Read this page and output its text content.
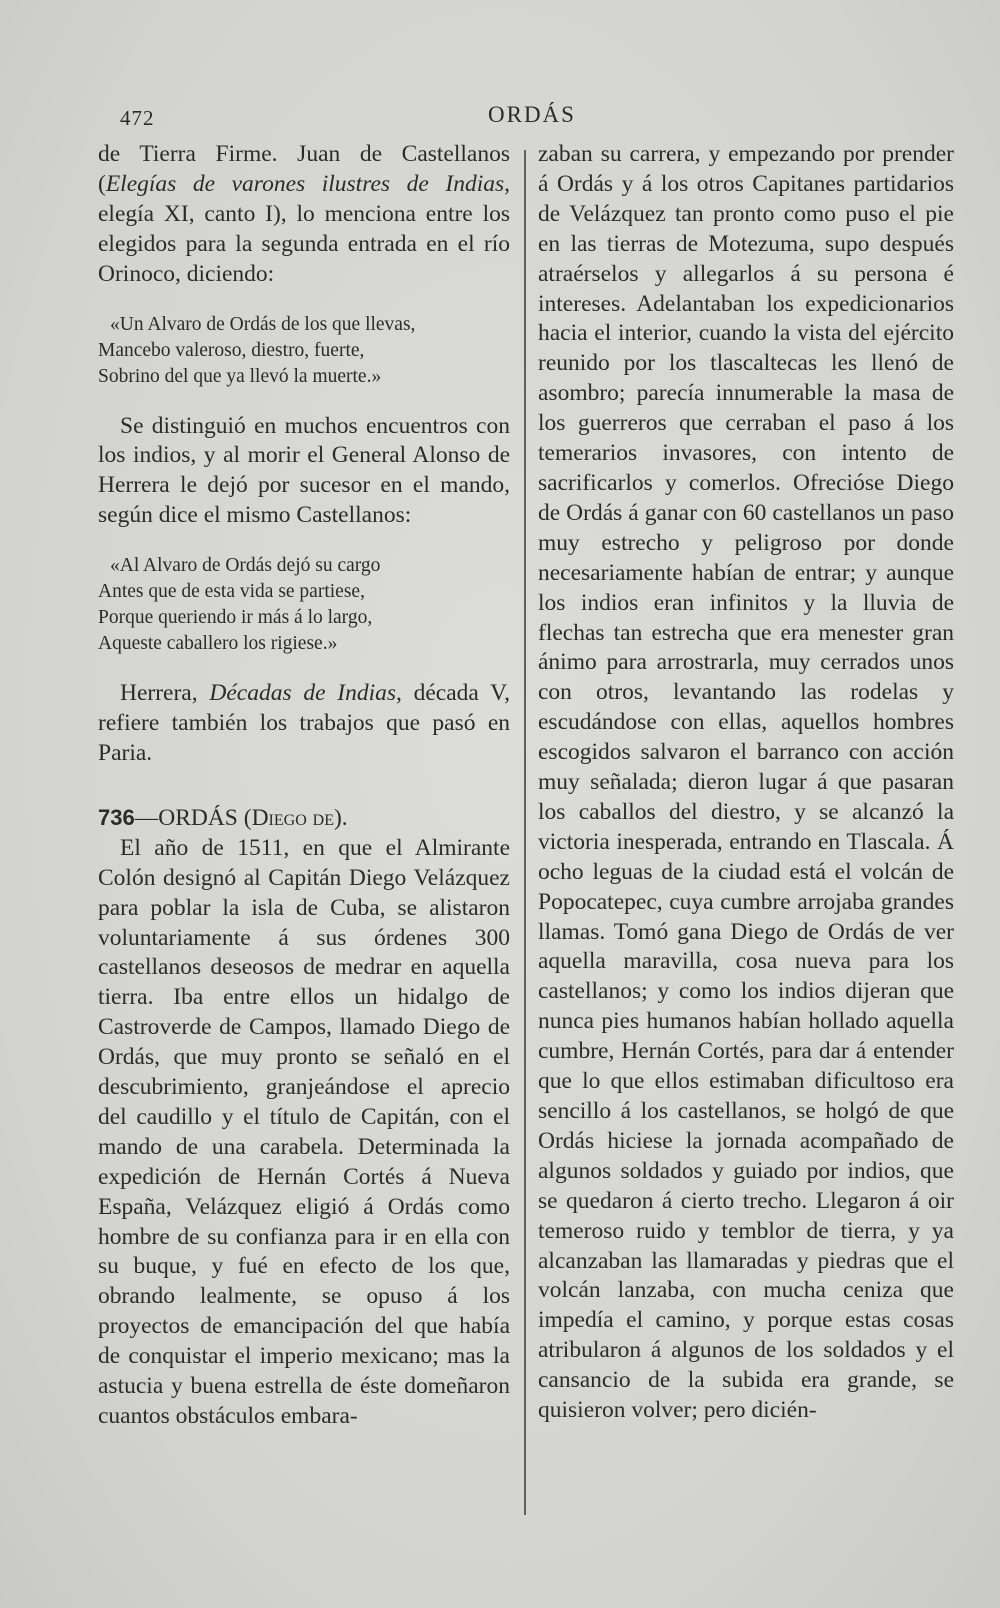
472	ORDÁS

de Tierra Firme. Juan de Castellanos (Elegías de varones ilustres de Indias, elegía XI, canto I), lo menciona entre los elegidos para la segunda entrada en el río Orinoco, diciendo:

«Un Alvaro de Ordás de los que llevas,
Mancebo valeroso, diestro, fuerte,
Sobrino del que ya llevó la muerte.»

Se distinguió en muchos encuentros con los indios, y al morir el General Alonso de Herrera le dejó por sucesor en el mando, según dice el mismo Castellanos:

«Al Alvaro de Ordás dejó su cargo
Antes que de esta vida se partiese,
Porque queriendo ir más á lo largo,
Aqueste caballero los rigiese.»

Herrera, Décadas de Indias, década V, refiere también los trabajos que pasó en Paria.

736—ORDÁS (Diego de).

El año de 1511, en que el Almirante Colón designó al Capitán Diego Velázquez para poblar la isla de Cuba, se alistaron voluntariamente á sus órdenes 300 castellanos deseosos de medrar en aquella tierra. Iba entre ellos un hidalgo de Castroverde de Campos, llamado Diego de Ordás, que muy pronto se señaló en el descubrimiento, granjeándose el aprecio del caudillo y el título de Capitán, con el mando de una carabela. Determinada la expedición de Hernán Cortés á Nueva España, Velázquez eligió á Ordás como hombre de su confianza para ir en ella con su buque, y fué en efecto de los que, obrando lealmente, se opuso á los proyectos de emancipación del que había de conquistar el imperio mexicano; mas la astucia y buena estrella de éste domeñaron cuantos obstáculos embara-

zaban su carrera, y empezando por prender á Ordás y á los otros Capitanes partidarios de Velázquez tan pronto como puso el pie en las tierras de Motezuma, supo después atraérselos y allegarlos á su persona é intereses. Adelantaban los expedicionarios hacia el interior, cuando la vista del ejército reunido por los tlascaltecas les llenó de asombro; parecía innumerable la masa de los guerreros que cerraban el paso á los temerarios invasores, con intento de sacrificarlos y comerlos. Ofrecióse Diego de Ordás á ganar con 60 castellanos un paso muy estrecho y peligroso por donde necesariamente habían de entrar; y aunque los indios eran infinitos y la lluvia de flechas tan estrecha que era menester gran ánimo para arrostrarla, muy cerrados unos con otros, levantando las rodelas y escudándose con ellas, aquellos hombres escogidos salvaron el barranco con acción muy señalada; dieron lugar á que pasaran los caballos del diestro, y se alcanzó la victoria inesperada, entrando en Tlascala. Á ocho leguas de la ciudad está el volcán de Popocatepec, cuya cumbre arrojaba grandes llamas. Tomó gana Diego de Ordás de ver aquella maravilla, cosa nueva para los castellanos; y como los indios dijeran que nunca pies humanos habían hollado aquella cumbre, Hernán Cortés, para dar á entender que lo que ellos estimaban dificultoso era sencillo á los castellanos, se holgó de que Ordás hiciese la jornada acompañado de algunos soldados y guiado por indios, que se quedaron á cierto trecho. Llegaron á oir temeroso ruido y temblor de tierra, y ya alcanzaban las llamaradas y piedras que el volcán lanzaba, con mucha ceniza que impedía el camino, y porque estas cosas atribularon á algunos de los soldados y el cansancio de la subida era grande, se quisieron volver; pero dicién-
